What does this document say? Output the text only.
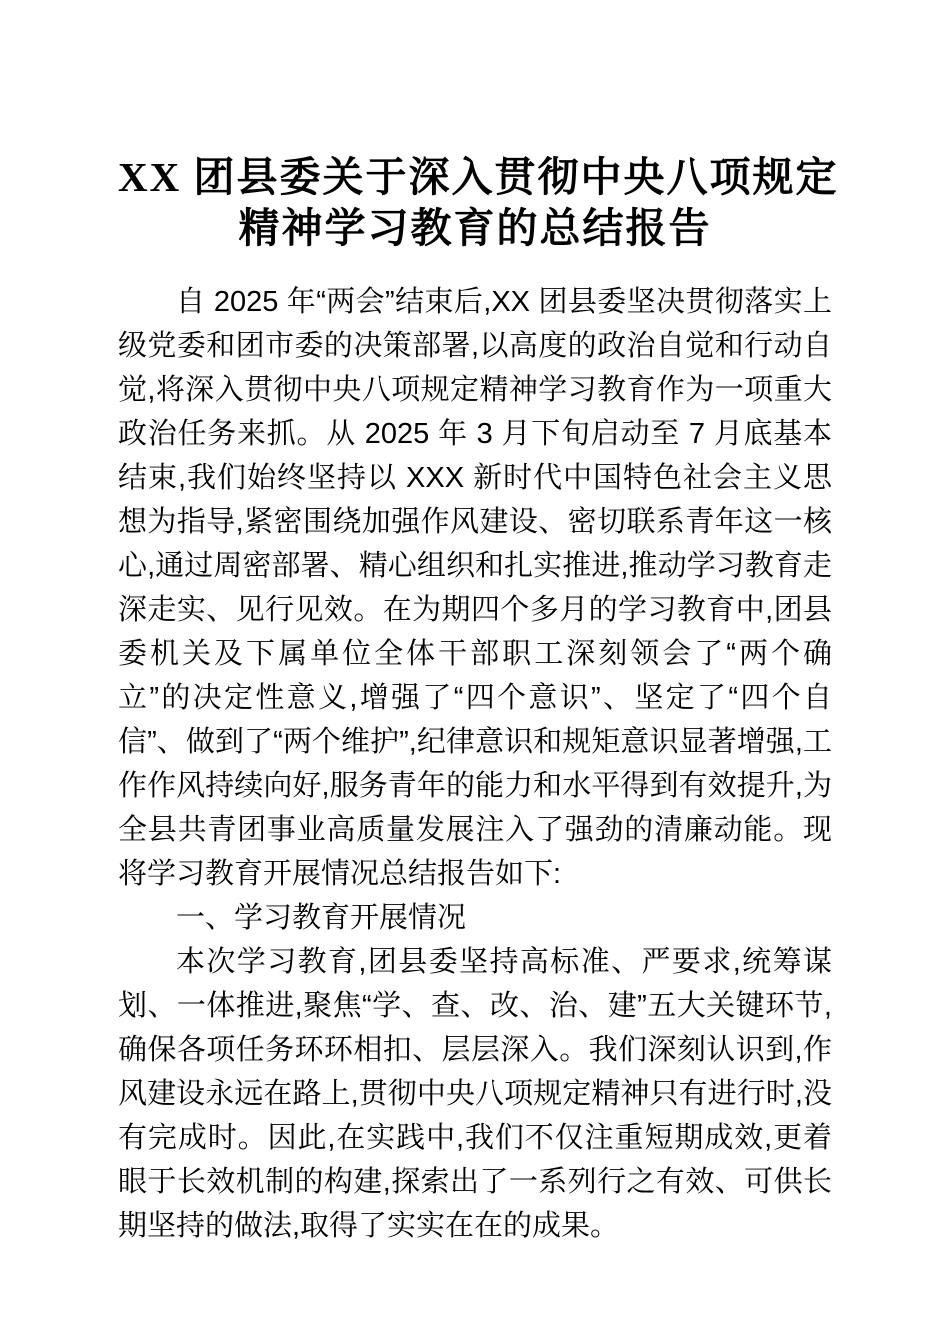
XX 团县委关于深入贯彻中央八项规定
精神学习教育的总结报告

自 2025 年“两会”结束后,XX 团县委坚决贯彻落实上级党委和团市委的决策部署,以高度的政治自觉和行动自觉,将深入贯彻中央八项规定精神学习教育作为一项重大政治任务来抓。从 2025 年 3 月下旬启动至 7 月底基本结束,我们始终坚持以 XXX 新时代中国特色社会主义思想为指导,紧密围绕加强作风建设、密切联系青年这一核心,通过周密部署、精心组织和扎实推进,推动学习教育走深走实、见行见效。在为期四个多月的学习教育中,团县委机关及下属单位全体干部职工深刻领会了“两个确立”的决定性意义,增强了“四个意识”、坚定了“四个自信”、做到了“两个维护”,纪律意识和规矩意识显著增强,工作作风持续向好,服务青年的能力和水平得到有效提升,为全县共青团事业高质量发展注入了强劲的清廉动能。现将学习教育开展情况总结报告如下:

一、学习教育开展情况

本次学习教育,团县委坚持高标准、严要求,统筹谋划、一体推进,聚焦“学、查、改、治、建”五大关键环节,确保各项任务环环相扣、层层深入。我们深刻认识到,作风建设永远在路上,贯彻中央八项规定精神只有进行时,没有完成时。因此,在实践中,我们不仅注重短期成效,更着眼于长效机制的构建,探索出了一系列行之有效、可供长期坚持的做法,取得了实实在在的成果。
